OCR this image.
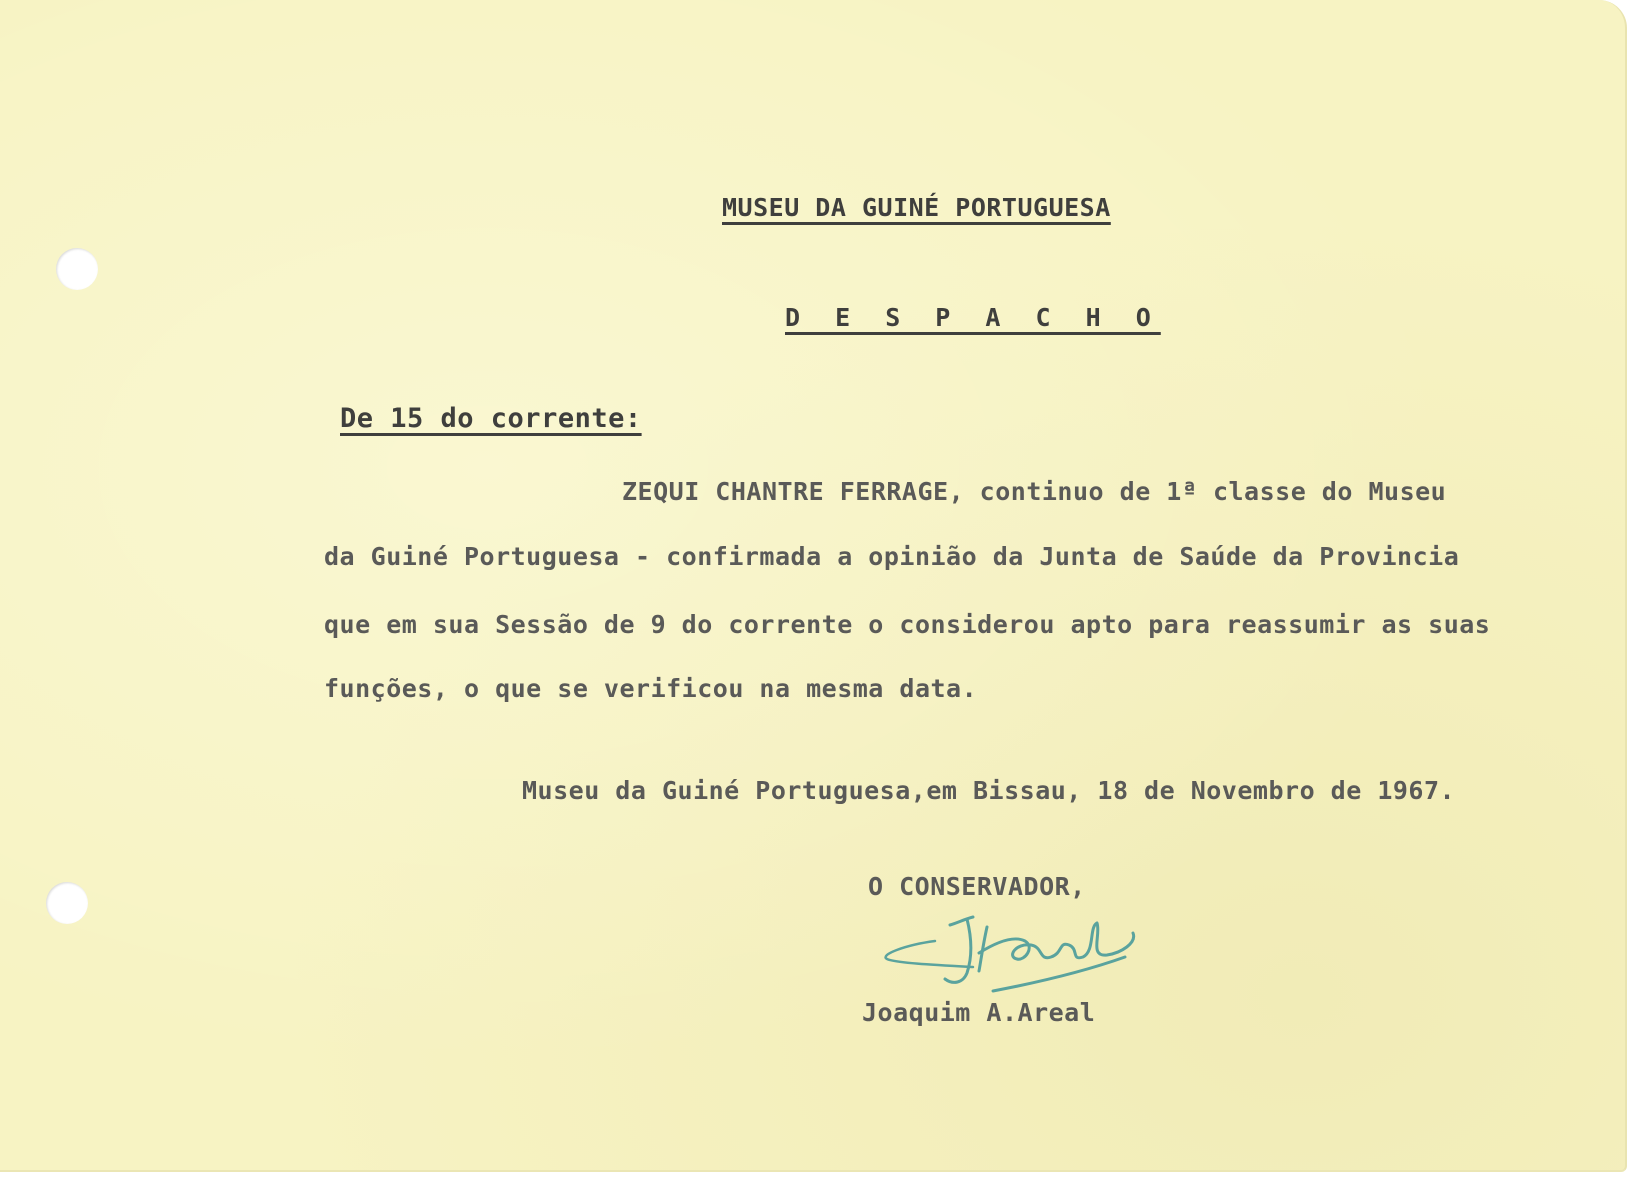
MUSEU DA GUINÉ PORTUGUESA

D E S P A C H O

De 15 do corrente:

ZEQUI CHANTRE FERRAGE, continuo de 1ª classe do Museu

da Guiné Portuguesa - confirmada a opinião da Junta de Saúde da Provincia

que em sua Sessão de 9 do corrente o considerou apto para reassumir as suas

funções, o que se verificou na mesma data.

Museu da Guiné Portuguesa,em Bissau, 18 de Novembro de 1967.

O CONSERVADOR,

Joaquim A.Areal
